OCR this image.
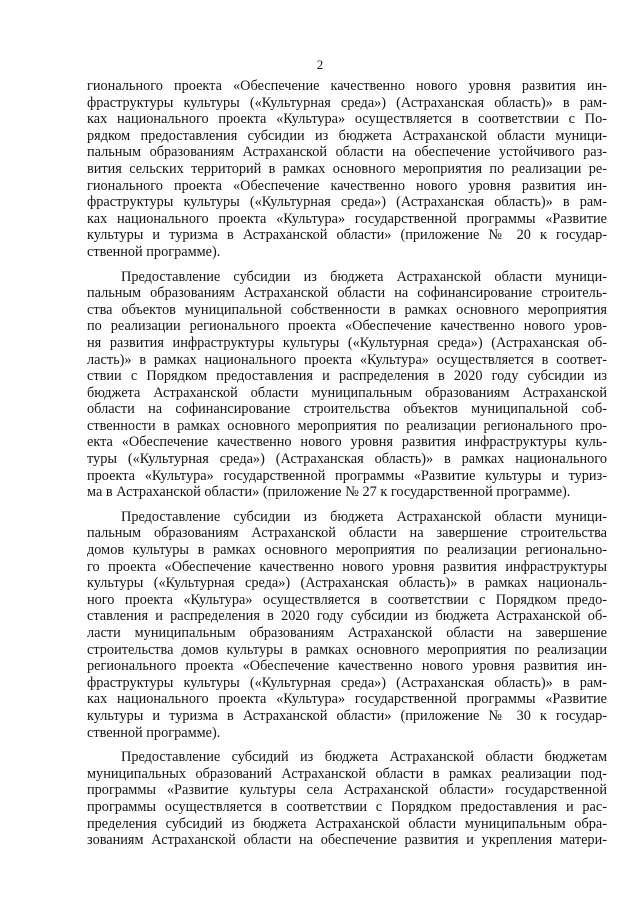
2
гионального проекта «Обеспечение качественно нового уровня развития ин-
фраструктуры культуры («Культурная среда») (Астраханская область)» в рам-
ках национального проекта «Культура» осуществляется в соответствии с По-
рядком предоставления субсидии из бюджета Астраханской области муници-
пальным образованиям Астраханской области на обеспечение устойчивого раз-
вития сельских территорий в рамках основного мероприятия по реализации ре-
гионального проекта «Обеспечение качественно нового уровня развития ин-
фраструктуры культуры («Культурная среда») (Астраханская область)» в рам-
ках национального проекта «Культура» государственной программы «Развитие
культуры и туризма в Астраханской области» (приложение № 20 к государ-
ственной программе).
Предоставление субсидии из бюджета Астраханской области муници-
пальным образованиям Астраханской области на софинансирование строитель-
ства объектов муниципальной собственности в рамках основного мероприятия
по реализации регионального проекта «Обеспечение качественно нового уров-
ня развития инфраструктуры культуры («Культурная среда») (Астраханская об-
ласть)» в рамках национального проекта «Культура» осуществляется в соответ-
ствии с Порядком предоставления и распределения в 2020 году субсидии из
бюджета Астраханской области муниципальным образованиям Астраханской
области на софинансирование строительства объектов муниципальной соб-
ственности в рамках основного мероприятия по реализации регионального про-
екта «Обеспечение качественно нового уровня развития инфраструктуры куль-
туры («Культурная среда») (Астраханская область)» в рамках национального
проекта «Культура» государственной программы «Развитие культуры и туриз-
ма в Астраханской области» (приложение № 27 к государственной программе).
Предоставление субсидии из бюджета Астраханской области муници-
пальным образованиям Астраханской области на завершение строительства
домов культуры в рамках основного мероприятия по реализации регионально-
го проекта «Обеспечение качественно нового уровня развития инфраструктуры
культуры («Культурная среда») (Астраханская область)» в рамках националь-
ного проекта «Культура» осуществляется в соответствии с Порядком предо-
ставления и распределения в 2020 году субсидии из бюджета Астраханской об-
ласти муниципальным образованиям Астраханской области на завершение
строительства домов культуры в рамках основного мероприятия по реализации
регионального проекта «Обеспечение качественно нового уровня развития ин-
фраструктуры культуры («Культурная среда») (Астраханская область)» в рам-
ках национального проекта «Культура» государственной программы «Развитие
культуры и туризма в Астраханской области» (приложение № 30 к государ-
ственной программе).
Предоставление субсидий из бюджета Астраханской области бюджетам
муниципальных образований Астраханской области в рамках реализации под-
программы «Развитие культуры села Астраханской области» государственной
программы осуществляется в соответствии с Порядком предоставления и рас-
пределения субсидий из бюджета Астраханской области муниципальным обра-
зованиям Астраханской области на обеспечение развития и укрепления матери-
